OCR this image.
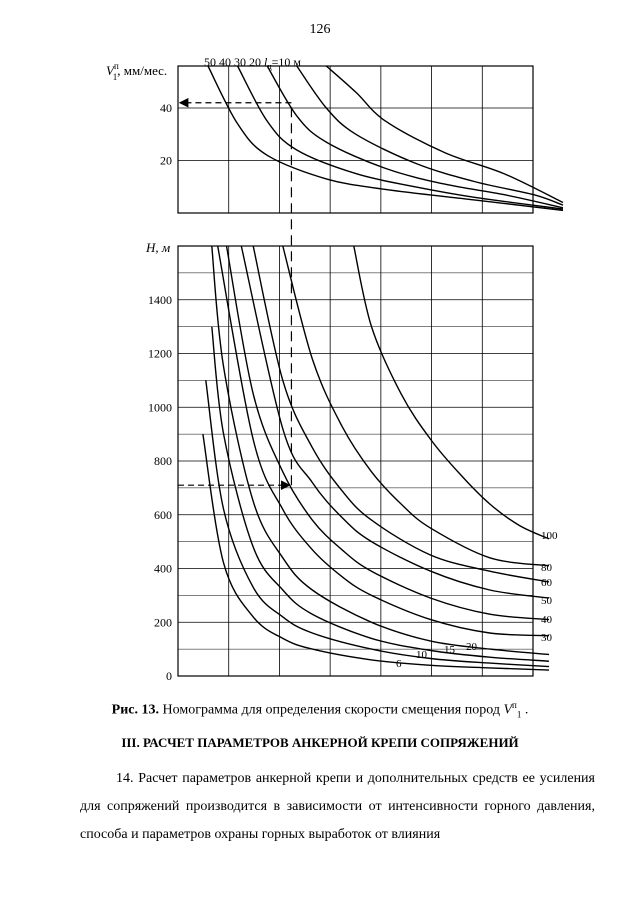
126
20
40
$V^п$ 1, мм/мес.
50 40 30 20 $l_ц=10$ м
0
200
400
600
800
1000
1200
1400
H, м
30
40
50
60
80
100
6
10 15 20
Рис. 13. Номограмма для определения скорости смещения пород $V^п_1$ .
III. РАСЧЕТ ПАРАМЕТРОВ АНКЕРНОЙ КРЕПИ СОПРЯЖЕНИЙ
14. Расчет параметров анкерной крепи и дополнительных средств ее усиления для сопряжений производится в зависимости от интенсивности горного давления, способа и параметров охраны горных выработок от влияния
